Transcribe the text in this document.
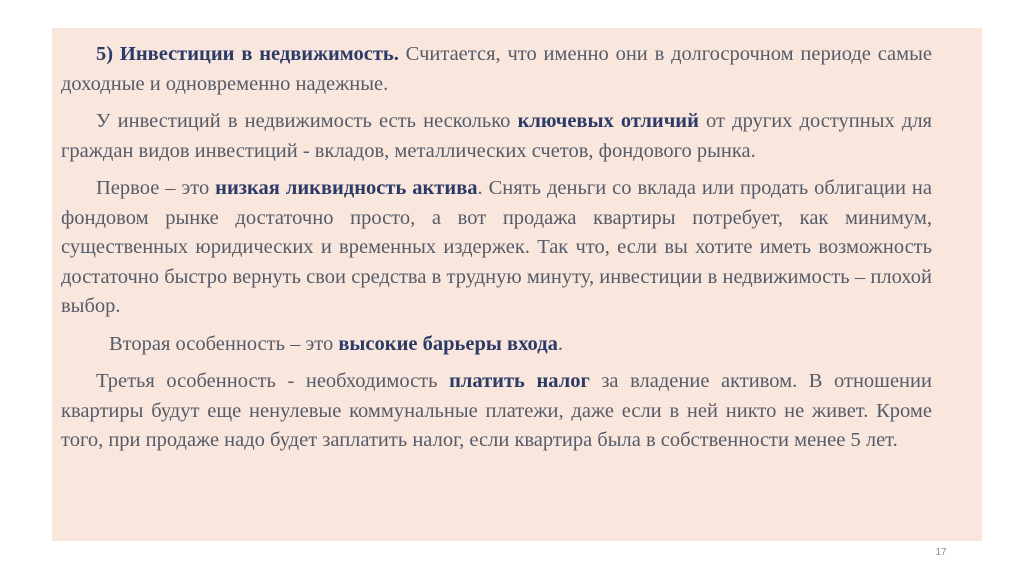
5) Инвестиции в недвижимость. Считается, что именно они в долгосрочном периоде самые доходные и одновременно надежные.

У инвестиций в недвижимость есть несколько ключевых отличий от других доступных для граждан видов инвестиций - вкладов, металлических счетов, фондового рынка.

Первое – это низкая ликвидность актива. Снять деньги со вклада или продать облигации на фондовом рынке достаточно просто, а вот продажа квартиры потребует, как минимум, существенных юридических и временных издержек. Так что, если вы хотите иметь возможность достаточно быстро вернуть свои средства в трудную минуту, инвестиции в недвижимость – плохой выбор.

Вторая особенность – это высокие барьеры входа.

Третья особенность - необходимость платить налог за владение активом. В отношении квартиры будут еще ненулевые коммунальные платежи, даже если в ней никто не живет. Кроме того, при продаже надо будет заплатить налог, если квартира была в собственности менее 5 лет.

17
